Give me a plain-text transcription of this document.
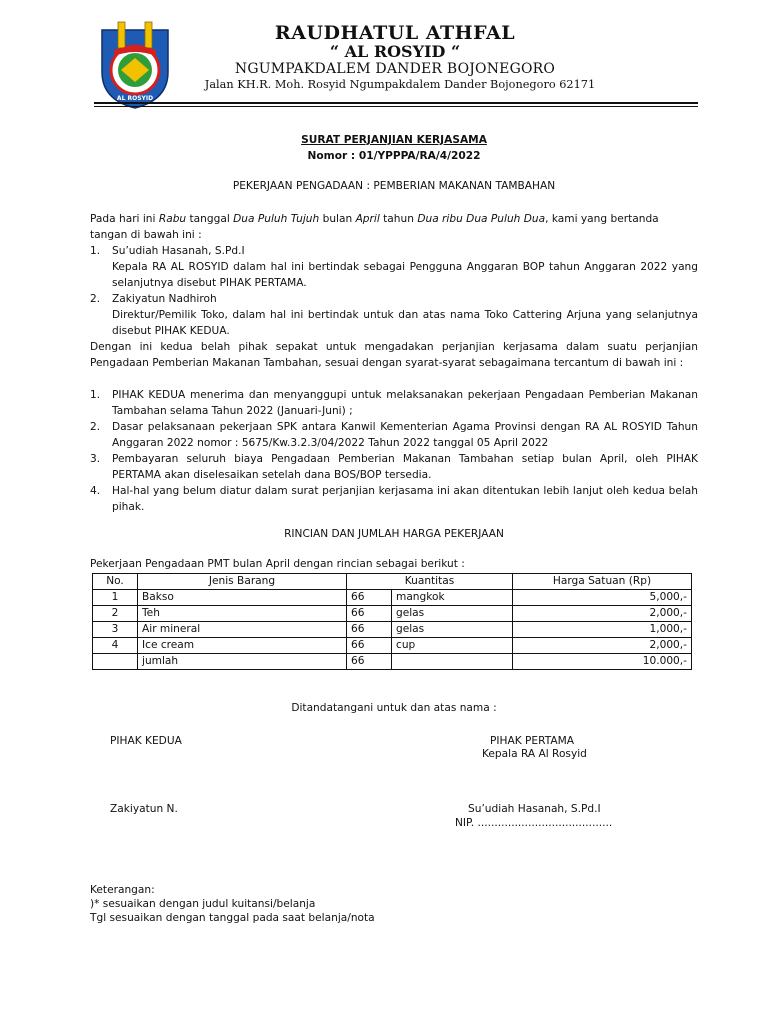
AL ROSYID
RAUDHATUL ATHFAL
“ AL ROSYID “
NGUMPAKDALEM DANDER BOJONEGORO
Jalan KH.R. Moh. Rosyid Ngumpakdalem Dander Bojonegoro 62171
SURAT PERJANJIAN KERJASAMA
Nomor : 01/YPPPA/RA/4/2022
PEKERJAAN PENGADAAN : PEMBERIAN MAKANAN TAMBAHAN
Pada hari ini Rabu tanggal Dua Puluh Tujuh bulan April tahun Dua ribu Dua Puluh Dua, kami yang bertanda tangan di bawah ini :
1.	Su’udiah Hasanah, S.Pd.I
Kepala RA AL ROSYID dalam hal ini bertindak sebagai Pengguna Anggaran BOP tahun Anggaran 2022 yang selanjutnya disebut PIHAK PERTAMA.
2.	Zakiyatun Nadhiroh
Direktur/Pemilik Toko, dalam hal ini bertindak untuk dan atas nama Toko Cattering Arjuna yang selanjutnya disebut PIHAK KEDUA.
Dengan ini kedua belah pihak sepakat untuk mengadakan perjanjian kerjasama dalam suatu perjanjian Pengadaan Pemberian Makanan Tambahan, sesuai dengan syarat-syarat sebagaimana tercantum di bawah ini :
1.	PIHAK KEDUA menerima dan menyanggupi untuk melaksanakan pekerjaan Pengadaan Pemberian Makanan Tambahan selama Tahun 2022 (Januari-Juni) ;
2.	Dasar pelaksanaan pekerjaan SPK antara Kanwil Kementerian Agama Provinsi dengan RA AL ROSYID Tahun Anggaran 2022 nomor : 5675/Kw.3.2.3/04/2022 Tahun 2022 tanggal 05 April 2022
3.	Pembayaran seluruh biaya Pengadaan Pemberian Makanan Tambahan setiap bulan April, oleh PIHAK PERTAMA akan diselesaikan setelah dana BOS/BOP tersedia.
4.	Hal-hal yang belum diatur dalam surat perjanjian kerjasama ini akan ditentukan lebih lanjut oleh kedua belah pihak.
RINCIAN DAN JUMLAH HARGA PEKERJAAN
Pekerjaan Pengadaan PMT bulan April dengan rincian sebagai berikut :
No.	Jenis Barang	Kuantitas		Harga Satuan (Rp)
1	Bakso	66	mangkok	5,000,-
2	Teh	66	gelas	2,000,-
3	Air mineral	66	gelas	1,000,-
4	Ice cream	66	cup	2,000,-
	jumlah	66		10.000,-
Ditandatangani untuk dan atas nama :
PIHAK KEDUA	PIHAK PERTAMA
Kepala RA Al Rosyid
Zakiyatun N.	Su’udiah Hasanah, S.Pd.I
NIP. ........................................
Keterangan:
)* sesuaikan dengan judul kuitansi/belanja
Tgl sesuaikan dengan tanggal pada saat belanja/nota
